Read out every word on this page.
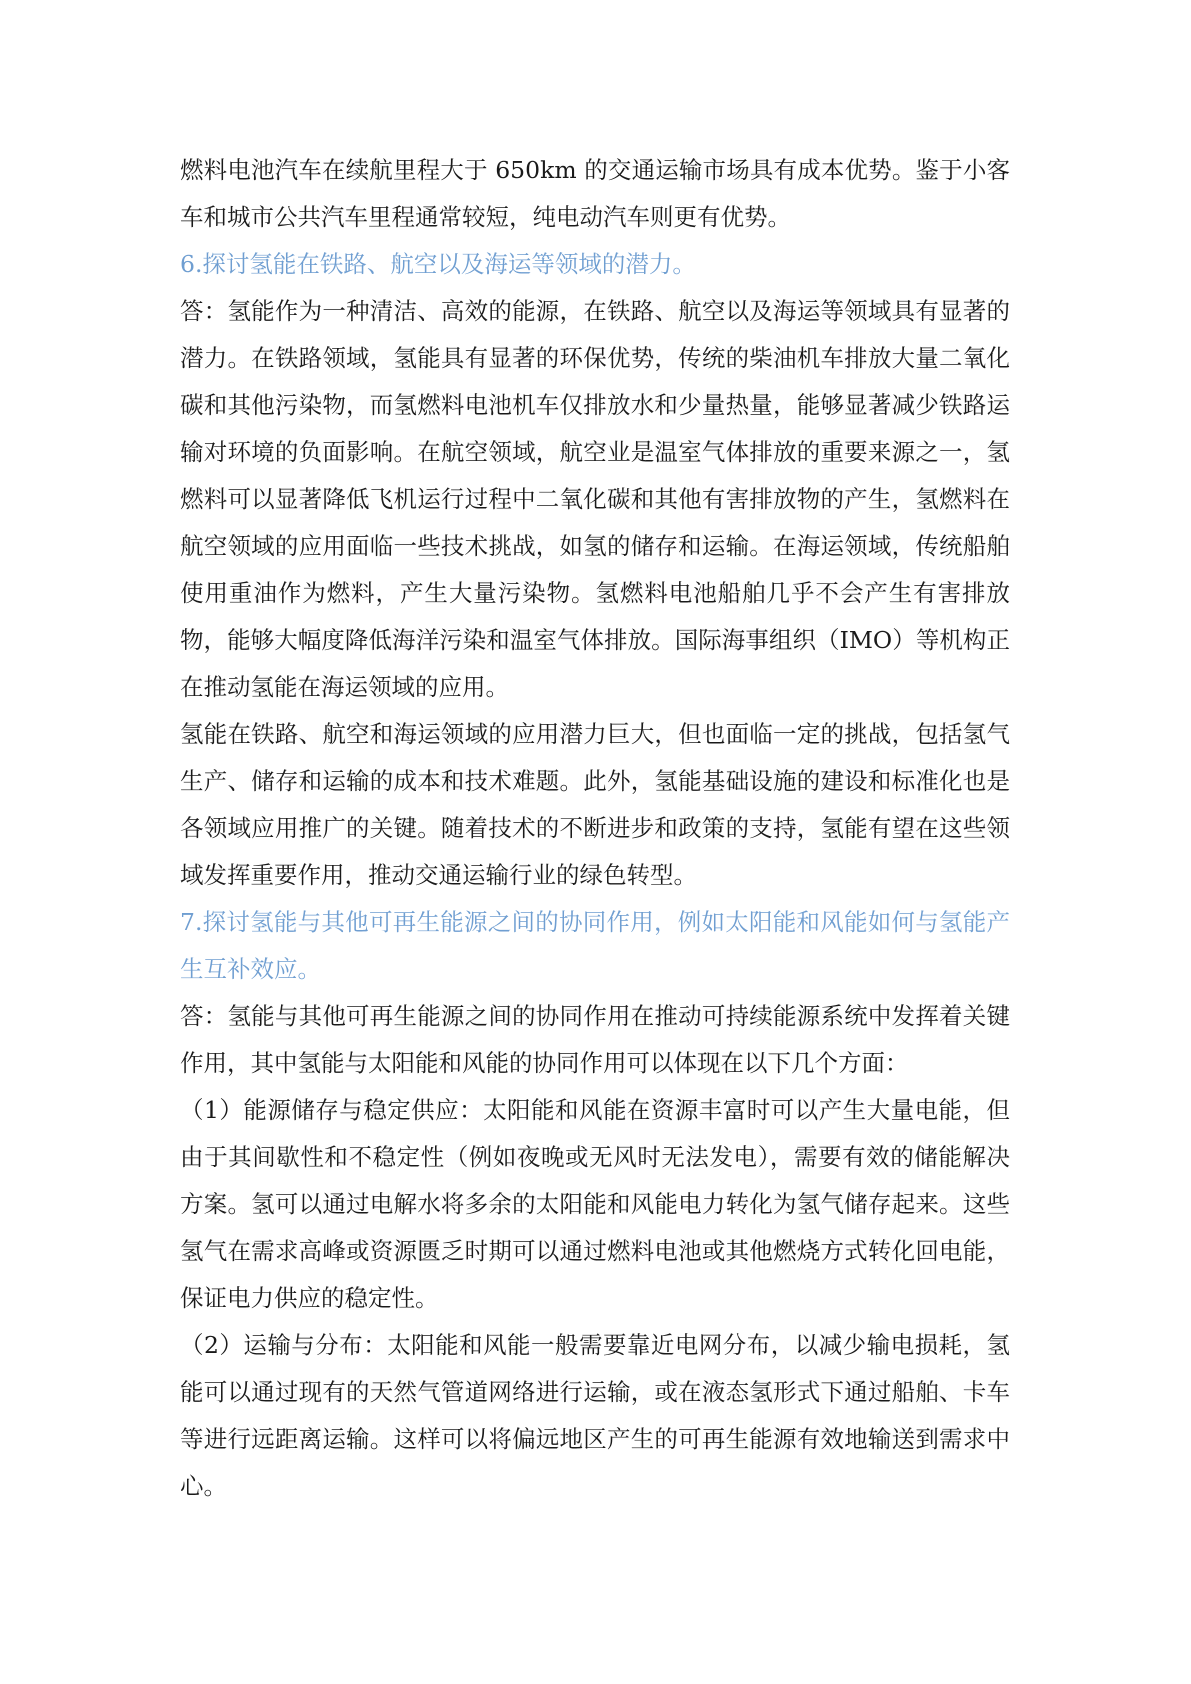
燃料电池汽车在续航里程大于 650km 的交通运输市场具有成本优势。鉴于小客车和城市公共汽车里程通常较短，纯电动汽车则更有优势。

6.探讨氢能在铁路、航空以及海运等领域的潜力。

答：氢能作为一种清洁、高效的能源，在铁路、航空以及海运等领域具有显著的潜力。在铁路领域，氢能具有显著的环保优势，传统的柴油机车排放大量二氧化碳和其他污染物，而氢燃料电池机车仅排放水和少量热量，能够显著减少铁路运输对环境的负面影响。在航空领域，航空业是温室气体排放的重要来源之一，氢燃料可以显著降低飞机运行过程中二氧化碳和其他有害排放物的产生，氢燃料在航空领域的应用面临一些技术挑战，如氢的储存和运输。在海运领域，传统船舶使用重油作为燃料，产生大量污染物。氢燃料电池船舶几乎不会产生有害排放物，能够大幅度降低海洋污染和温室气体排放。国际海事组织（IMO）等机构正在推动氢能在海运领域的应用。

氢能在铁路、航空和海运领域的应用潜力巨大，但也面临一定的挑战，包括氢气生产、储存和运输的成本和技术难题。此外，氢能基础设施的建设和标准化也是各领域应用推广的关键。随着技术的不断进步和政策的支持，氢能有望在这些领域发挥重要作用，推动交通运输行业的绿色转型。

7.探讨氢能与其他可再生能源之间的协同作用，例如太阳能和风能如何与氢能产生互补效应。

答：氢能与其他可再生能源之间的协同作用在推动可持续能源系统中发挥着关键作用，其中氢能与太阳能和风能的协同作用可以体现在以下几个方面：

（1）能源储存与稳定供应：太阳能和风能在资源丰富时可以产生大量电能，但由于其间歇性和不稳定性（例如夜晚或无风时无法发电），需要有效的储能解决方案。氢可以通过电解水将多余的太阳能和风能电力转化为氢气储存起来。这些氢气在需求高峰或资源匮乏时期可以通过燃料电池或其他燃烧方式转化回电能，保证电力供应的稳定性。

（2）运输与分布：太阳能和风能一般需要靠近电网分布，以减少输电损耗，氢能可以通过现有的天然气管道网络进行运输，或在液态氢形式下通过船舶、卡车等进行远距离运输。这样可以将偏远地区产生的可再生能源有效地输送到需求中心。
